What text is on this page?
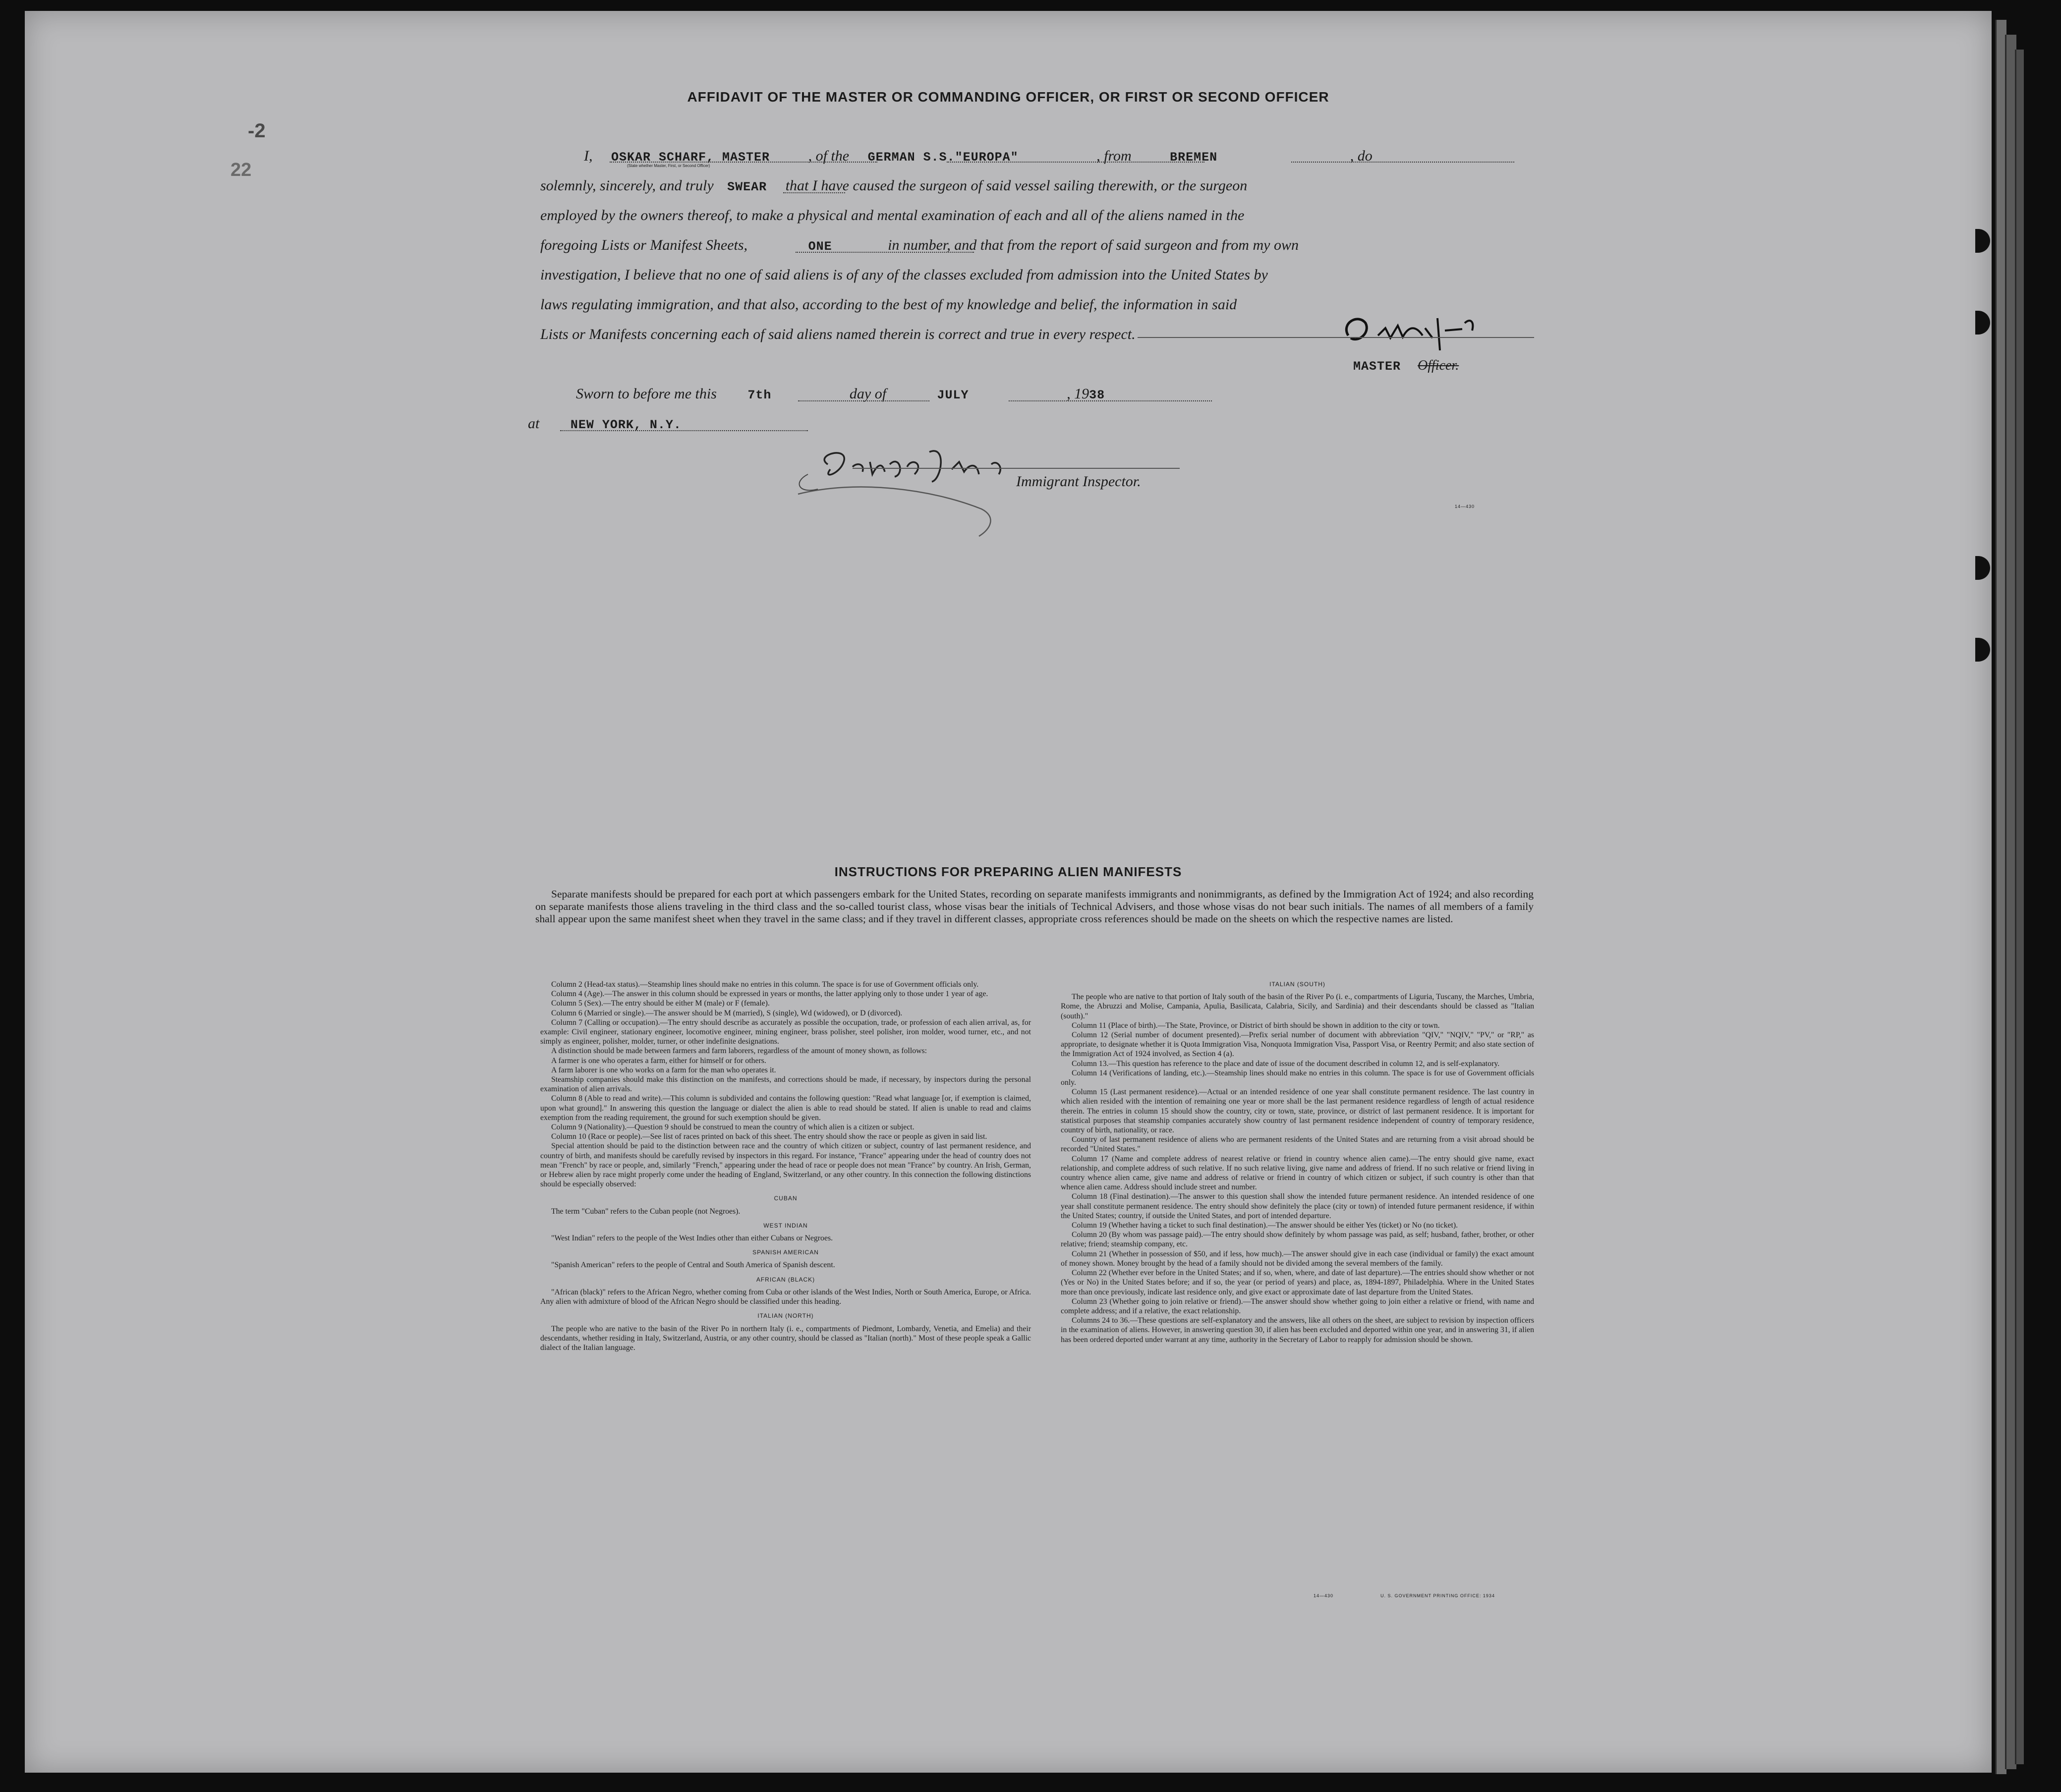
-2
22
AFFIDAVIT OF THE MASTER OR COMMANDING OFFICER, OR FIRST OR SECOND OFFICER
I, OSKAR SCHARF, MASTER	, of the GERMAN S.S."EUROPA"	, from	BREMEN	, do
(State whether Master, First, or Second Officer)
solemnly, sincerely, and truly SWEAR that I have caused the surgeon of said vessel sailing therewith, or the surgeon
employed by the owners thereof, to make a physical and mental examination of each and all of the aliens named in the
foregoing Lists or Manifest Sheets,	ONE	in number, and that from the report of said surgeon and from my own
investigation, I believe that no one of said aliens is of any of the classes excluded from admission into the United States by
laws regulating immigration, and that also, according to the best of my knowledge and belief, the information in said
Lists or Manifests concerning each of said aliens named therein is correct and true in every respect.
MASTER Officer.
Sworn to before me this	7th	day of	JULY	, 1938
at	NEW YORK, N.Y.
Immigrant Inspector.
14—430
INSTRUCTIONS FOR PREPARING ALIEN MANIFESTS
Separate manifests should be prepared for each port at which passengers embark for the United States, recording on separate manifests immigrants and nonimmigrants, as defined by the Immigration Act of 1924; and also recording on separate manifests those aliens traveling in the third class and the so-called tourist class, whose visas bear the initials of Technical Advisers, and those whose visas do not bear such initials. The names of all members of a family shall appear upon the same manifest sheet when they travel in the same class; and if they travel in different classes, appropriate cross references should be made on the sheets on which the respective names are listed.

Column 2 (Head-tax status).—Steamship lines should make no entries in this column. The space is for use of Government officials only.

Column 4 (Age).—The answer in this column should be expressed in years or months, the latter applying only to those under 1 year of age.

Column 5 (Sex).—The entry should be either M (male) or F (female).

Column 6 (Married or single).—The answer should be M (married), S (single), Wd (widowed), or D (divorced).

Column 7 (Calling or occupation).—The entry should describe as accurately as possible the occupation, trade, or profession of each alien arrival, as, for example: Civil engineer, stationary engineer, locomotive engineer, mining engineer, brass polisher, steel polisher, iron molder, wood turner, etc., and not simply as engineer, polisher, molder, turner, or other indefinite designations.

A distinction should be made between farmers and farm laborers, regardless of the amount of money shown, as follows:

A farmer is one who operates a farm, either for himself or for others.

A farm laborer is one who works on a farm for the man who operates it.

Steamship companies should make this distinction on the manifests, and corrections should be made, if necessary, by inspectors during the personal examination of alien arrivals.

Column 8 (Able to read and write).—This column is subdivided and contains the following question: "Read what language [or, if exemption is claimed, upon what ground]." In answering this question the language or dialect the alien is able to read should be stated. If alien is unable to read and claims exemption from the reading requirement, the ground for such exemption should be given.

Column 9 (Nationality).—Question 9 should be construed to mean the country of which alien is a citizen or subject.

Column 10 (Race or people).—See list of races printed on back of this sheet. The entry should show the race or people as given in said list.

Special attention should be paid to the distinction between race and the country of which citizen or subject, country of last permanent residence, and country of birth, and manifests should be carefully revised by inspectors in this regard. For instance, "France" appearing under the head of country does not mean "French" by race or people, and, similarly "French," appearing under the head of race or people does not mean "France" by country. An Irish, German, or Hebrew alien by race might properly come under the heading of England, Switzerland, or any other country. In this connection the following distinctions should be especially observed:

CUBAN

The term "Cuban" refers to the Cuban people (not Negroes).

WEST INDIAN

"West Indian" refers to the people of the West Indies other than either Cubans or Negroes.

SPANISH AMERICAN

"Spanish American" refers to the people of Central and South America of Spanish descent.

AFRICAN (BLACK)

"African (black)" refers to the African Negro, whether coming from Cuba or other islands of the West Indies, North or South America, Europe, or Africa. Any alien with admixture of blood of the African Negro should be classified under this heading.

ITALIAN (NORTH)

The people who are native to the basin of the River Po in northern Italy (i. e., compartments of Piedmont, Lombardy, Venetia, and Emelia) and their descendants, whether residing in Italy, Switzerland, Austria, or any other country, should be classed as "Italian (north)." Most of these people speak a Gallic dialect of the Italian language.

ITALIAN (SOUTH)

The people who are native to that portion of Italy south of the basin of the River Po (i. e., compartments of Liguria, Tuscany, the Marches, Umbria, Rome, the Abruzzi and Molise, Campania, Apulia, Basilicata, Calabria, Sicily, and Sardinia) and their descendants should be classed as "Italian (south)."

Column 11 (Place of birth).—The State, Province, or District of birth should be shown in addition to the city or town.

Column 12 (Serial number of document presented).—Prefix serial number of document with abbreviation "QIV," "NQIV," "PV," or "RP," as appropriate, to designate whether it is Quota Immigration Visa, Nonquota Immigration Visa, Passport Visa, or Reentry Permit; and also state section of the Immigration Act of 1924 involved, as Section 4 (a).

Column 13.—This question has reference to the place and date of issue of the document described in column 12, and is self-explanatory.

Column 14 (Verifications of landing, etc.).—Steamship lines should make no entries in this column. The space is for use of Government officials only.

Column 15 (Last permanent residence).—Actual or an intended residence of one year shall constitute permanent residence. The last country in which alien resided with the intention of remaining one year or more shall be the last permanent residence regardless of length of actual residence therein. The entries in column 15 should show the country, city or town, state, province, or district of last permanent residence. It is important for statistical purposes that steamship companies accurately show country of last permanent residence independent of country of temporary residence, country of birth, nationality, or race.

Country of last permanent residence of aliens who are permanent residents of the United States and are returning from a visit abroad should be recorded "United States."

Column 17 (Name and complete address of nearest relative or friend in country whence alien came).—The entry should give name, exact relationship, and complete address of such relative. If no such relative living, give name and address of friend. If no such relative or friend living in country whence alien came, give name and address of relative or friend in country of which citizen or subject, if such country is other than that whence alien came. Address should include street and number.

Column 18 (Final destination).—The answer to this question shall show the intended future permanent residence. An intended residence of one year shall constitute permanent residence. The entry should show definitely the place (city or town) of intended future permanent residence, if within the United States; country, if outside the United States, and port of intended departure.

Column 19 (Whether having a ticket to such final destination).—The answer should be either Yes (ticket) or No (no ticket).

Column 20 (By whom was passage paid).—The entry should show definitely by whom passage was paid, as self; husband, father, brother, or other relative; friend; steamship company, etc.

Column 21 (Whether in possession of $50, and if less, how much).—The answer should give in each case (individual or family) the exact amount of money shown. Money brought by the head of a family should not be divided among the several members of the family.

Column 22 (Whether ever before in the United States; and if so, when, where, and date of last departure).—The entries should show whether or not (Yes or No) in the United States before; and if so, the year (or period of years) and place, as, 1894-1897, Philadelphia. Where in the United States more than once previously, indicate last residence only, and give exact or approximate date of last departure from the United States.

Column 23 (Whether going to join relative or friend).—The answer should show whether going to join either a relative or friend, with name and complete address; and if a relative, the exact relationship.

Columns 24 to 36.—These questions are self-explanatory and the answers, like all others on the sheet, are subject to revision by inspection officers in the examination of aliens. However, in answering question 30, if alien has been excluded and deported within one year, and in answering 31, if alien has been ordered deported under warrant at any time, authority in the Secretary of Labor to reapply for admission should be shown.

14—430	U. S. GOVERNMENT PRINTING OFFICE: 1934
